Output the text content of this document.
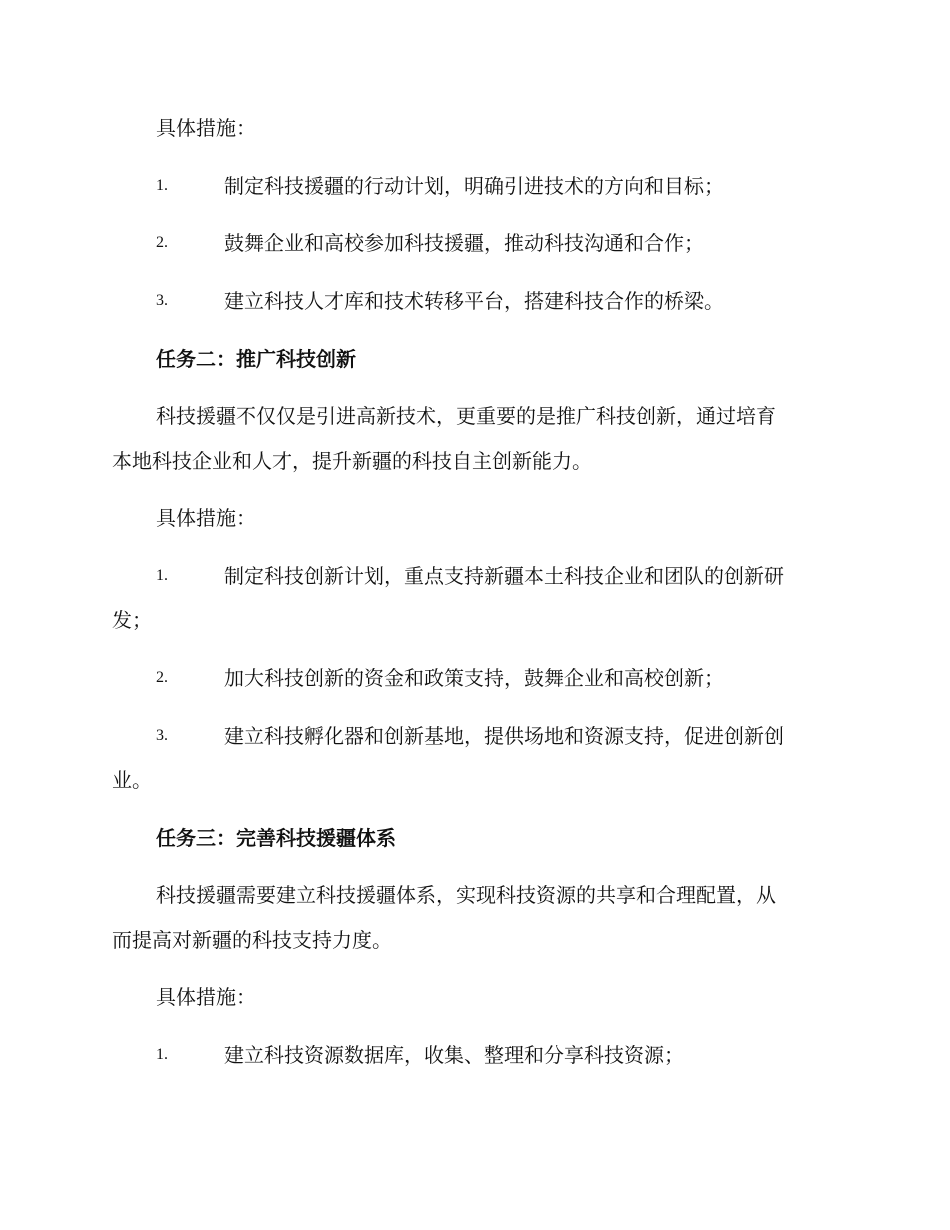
具体措施：
1.	制定科技援疆的行动计划，明确引进技术的方向和目标；
2.	鼓舞企业和高校参加科技援疆，推动科技沟通和合作；
3.	建立科技人才库和技术转移平台，搭建科技合作的桥梁。
任务二：推广科技创新
科技援疆不仅仅是引进高新技术，更重要的是推广科技创新，通过培育
本地科技企业和人才，提升新疆的科技自主创新能力。
具体措施：
1.	制定科技创新计划，重点支持新疆本土科技企业和团队的创新研
发；
2.	加大科技创新的资金和政策支持，鼓舞企业和高校创新；
3.	建立科技孵化器和创新基地，提供场地和资源支持，促进创新创
业。
任务三：完善科技援疆体系
科技援疆需要建立科技援疆体系，实现科技资源的共享和合理配置，从
而提高对新疆的科技支持力度。
具体措施：
1.	建立科技资源数据库，收集、整理和分享科技资源；
